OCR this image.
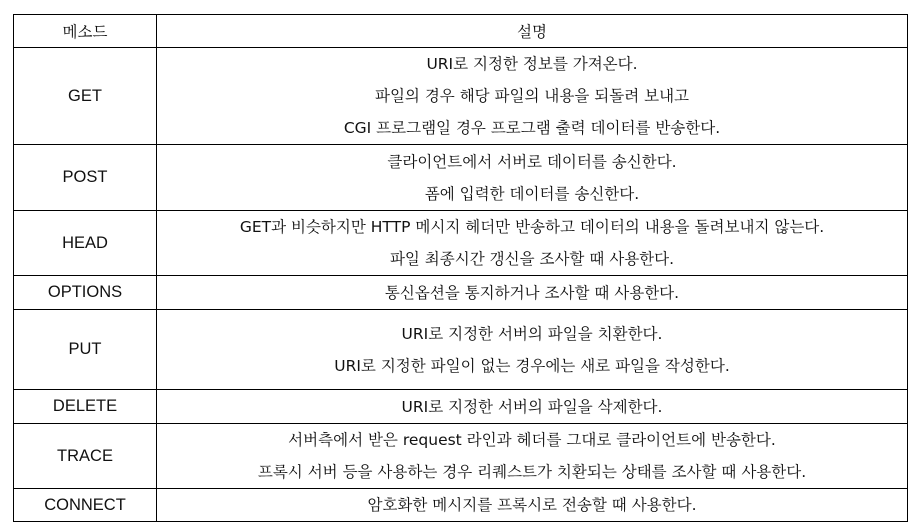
메소드	설명
GET	URI로 지정한 정보를 가져온다.
파일의 경우 해당 파일의 내용을 되돌려 보내고
CGI 프로그램일 경우 프로그램 출력 데이터를 반송한다.

POST	클라이언트에서 서버로 데이터를 송신한다.
폼에 입력한 데이터를 송신한다.

HEAD	GET과 비슷하지만 HTTP 메시지 헤더만 반송하고 데이터의 내용을 돌려보내지 않는다.
파일 최종시간 갱신을 조사할 때 사용한다.

OPTIONS	통신옵션을 통지하거나 조사할 때 사용한다.

PUT	URI로 지정한 서버의 파일을 치환한다.
URI로 지정한 파일이 없는 경우에는 새로 파일을 작성한다.

DELETE	URI로 지정한 서버의 파일을 삭제한다.

TRACE	서버측에서 받은 request 라인과 헤더를 그대로 클라이언트에 반송한다.
프록시 서버 등을 사용하는 경우 리퀘스트가 치환되는 상태를 조사할 때 사용한다.

CONNECT	암호화한 메시지를 프록시로 전송할 때 사용한다.
